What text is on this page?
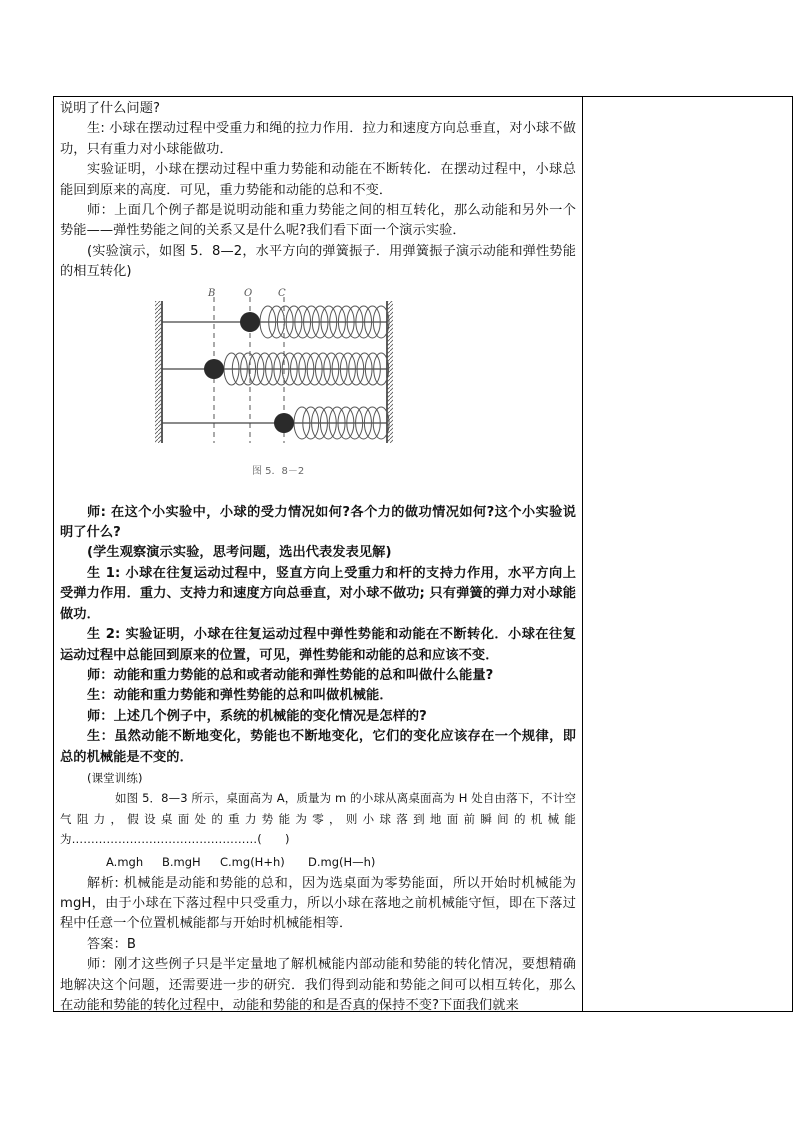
说明了什么问题?

生: 小球在摆动过程中受重力和绳的拉力作用．拉力和速度方向总垂直，对小球不做功，只有重力对小球能做功．

实验证明，小球在摆动过程中重力势能和动能在不断转化．在摆动过程中，小球总能回到原来的高度．可见，重力势能和动能的总和不变．

师：上面几个例子都是说明动能和重力势能之间的相互转化，那么动能和另外一个势能——弹性势能之间的关系又是什么呢?我们看下面一个演示实验．

(实验演示，如图 5．8—2，水平方向的弹簧振子．用弹簧振子演示动能和弹性势能的相互转化)

B	O	C
图 5．8－2

师: 在这个小实验中，小球的受力情况如何?各个力的做功情况如何?这个小实验说明了什么?

(学生观察演示实验，思考问题，选出代表发表见解)

生 1: 小球在往复运动过程中，竖直方向上受重力和杆的支持力作用，水平方向上受弹力作用．重力、支持力和速度方向总垂直，对小球不做功; 只有弹簧的弹力对小球能做功．

生 2: 实验证明，小球在往复运动过程中弹性势能和动能在不断转化．小球在往复运动过程中总能回到原来的位置，可见，弹性势能和动能的总和应该不变．

师：动能和重力势能的总和或者动能和弹性势能的总和叫做什么能量?

生：动能和重力势能和弹性势能的总和叫做机械能．

师：上述几个例子中，系统的机械能的变化情况是怎样的?

生：虽然动能不断地变化，势能也不断地变化，它们的变化应该存在一个规律，即总的机械能是不变的．

(课堂训练)

如图 5．8—3 所示，桌面高为 A，质量为 m 的小球从离桌面高为 H 处自由落下，不计空气阻力，假设桌面处的重力势能为零，则小球落到地面前瞬间的机械能为…………………………………………(　　)

A.mgh B.mgH C.mg(H+h) D.mg(H—h)

解析: 机械能是动能和势能的总和，因为选桌面为零势能面，所以开始时机械能为 mgH，由于小球在下落过程中只受重力，所以小球在落地之前机械能守恒，即在下落过程中任意一个位置机械能都与开始时机械能相等．

答案：B

师：刚才这些例子只是半定量地了解机械能内部动能和势能的转化情况，要想精确地解决这个问题，还需要进一步的研究．我们得到动能和势能之间可以相互转化，那么在动能和势能的转化过程中，动能和势能的和是否真的保持不变?下面我们就来
